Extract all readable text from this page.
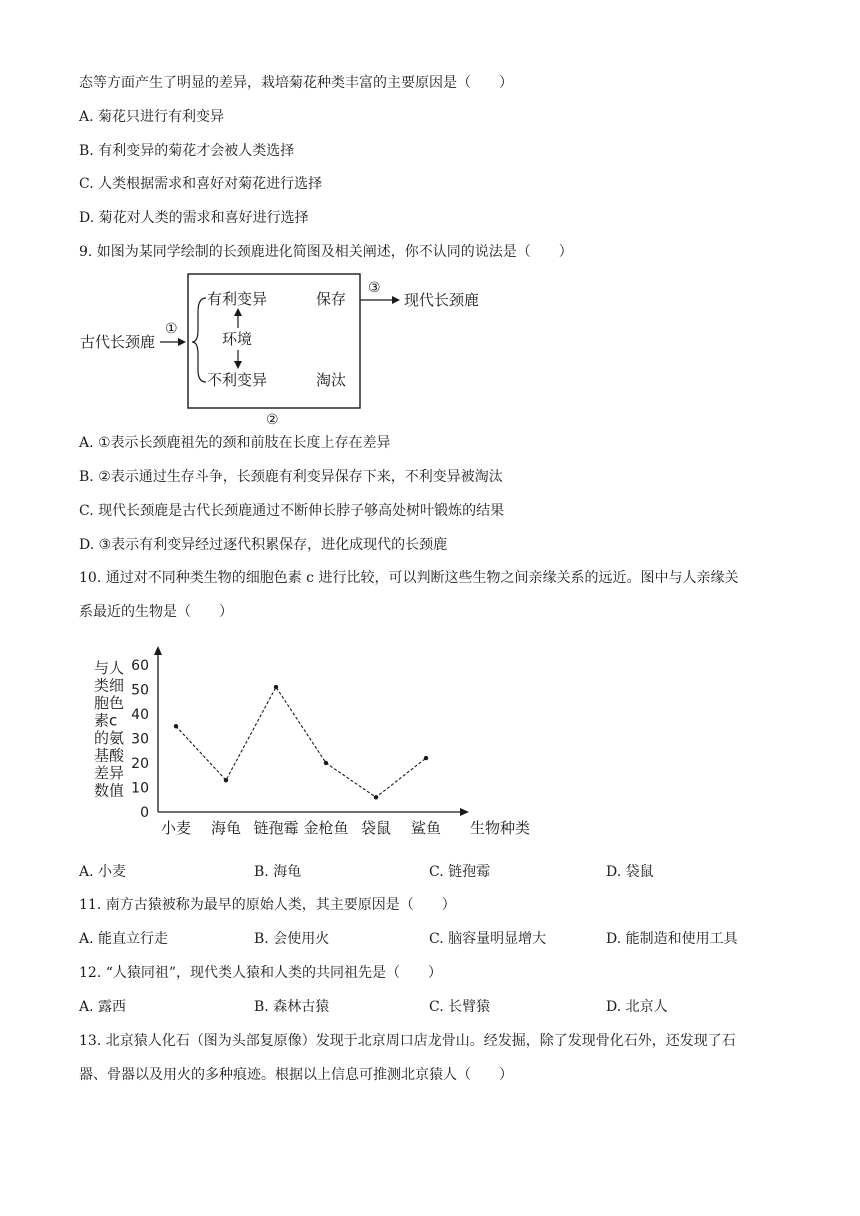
态等方面产生了明显的差异，栽培菊花种类丰富的主要原因是（　　）
A. 菊花只进行有利变异
B. 有利变异的菊花才会被人类选择
C. 人类根据需求和喜好对菊花进行选择
D. 菊花对人类的需求和喜好进行选择
9. 如图为某同学绘制的长颈鹿进化简图及相关阐述，你不认同的说法是（　　）
古代长颈鹿
①
有利变异
不利变异
环境
保存
淘汰
②
③
现代长颈鹿
A. ①表示长颈鹿祖先的颈和前肢在长度上存在差异
B. ②表示通过生存斗争，长颈鹿有利变异保存下来，不利变异被淘汰
C. 现代长颈鹿是古代长颈鹿通过不断伸长脖子够高处树叶锻炼的结果
D. ③表示有利变异经过逐代积累保存，进化成现代的长颈鹿
10. 通过对不同种类生物的细胞色素 c 进行比较，可以判断这些生物之间亲缘关系的远近。图中与人亲缘关
系最近的生物是（　　）
与人
类细
胞色
素c
的氨
基酸
差异
数值
0
10
20
30
40
50
60
小麦 海龟 链孢霉 金枪鱼 袋鼠 鲨鱼 生物种类
A. 小麦	B. 海龟	C. 链孢霉	D. 袋鼠
11. 南方古猿被称为最早的原始人类，其主要原因是（　　）
A. 能直立行走	B. 会使用火	C. 脑容量明显增大	D. 能制造和使用工具
12. “人猿同祖”，现代类人猿和人类的共同祖先是（　　）
A. 露西	B. 森林古猿	C. 长臂猿	D. 北京人
13. 北京猿人化石（图为头部复原像）发现于北京周口店龙骨山。经发掘，除了发现骨化石外，还发现了石
器、骨器以及用火的多种痕迹。根据以上信息可推测北京猿人（　　）
